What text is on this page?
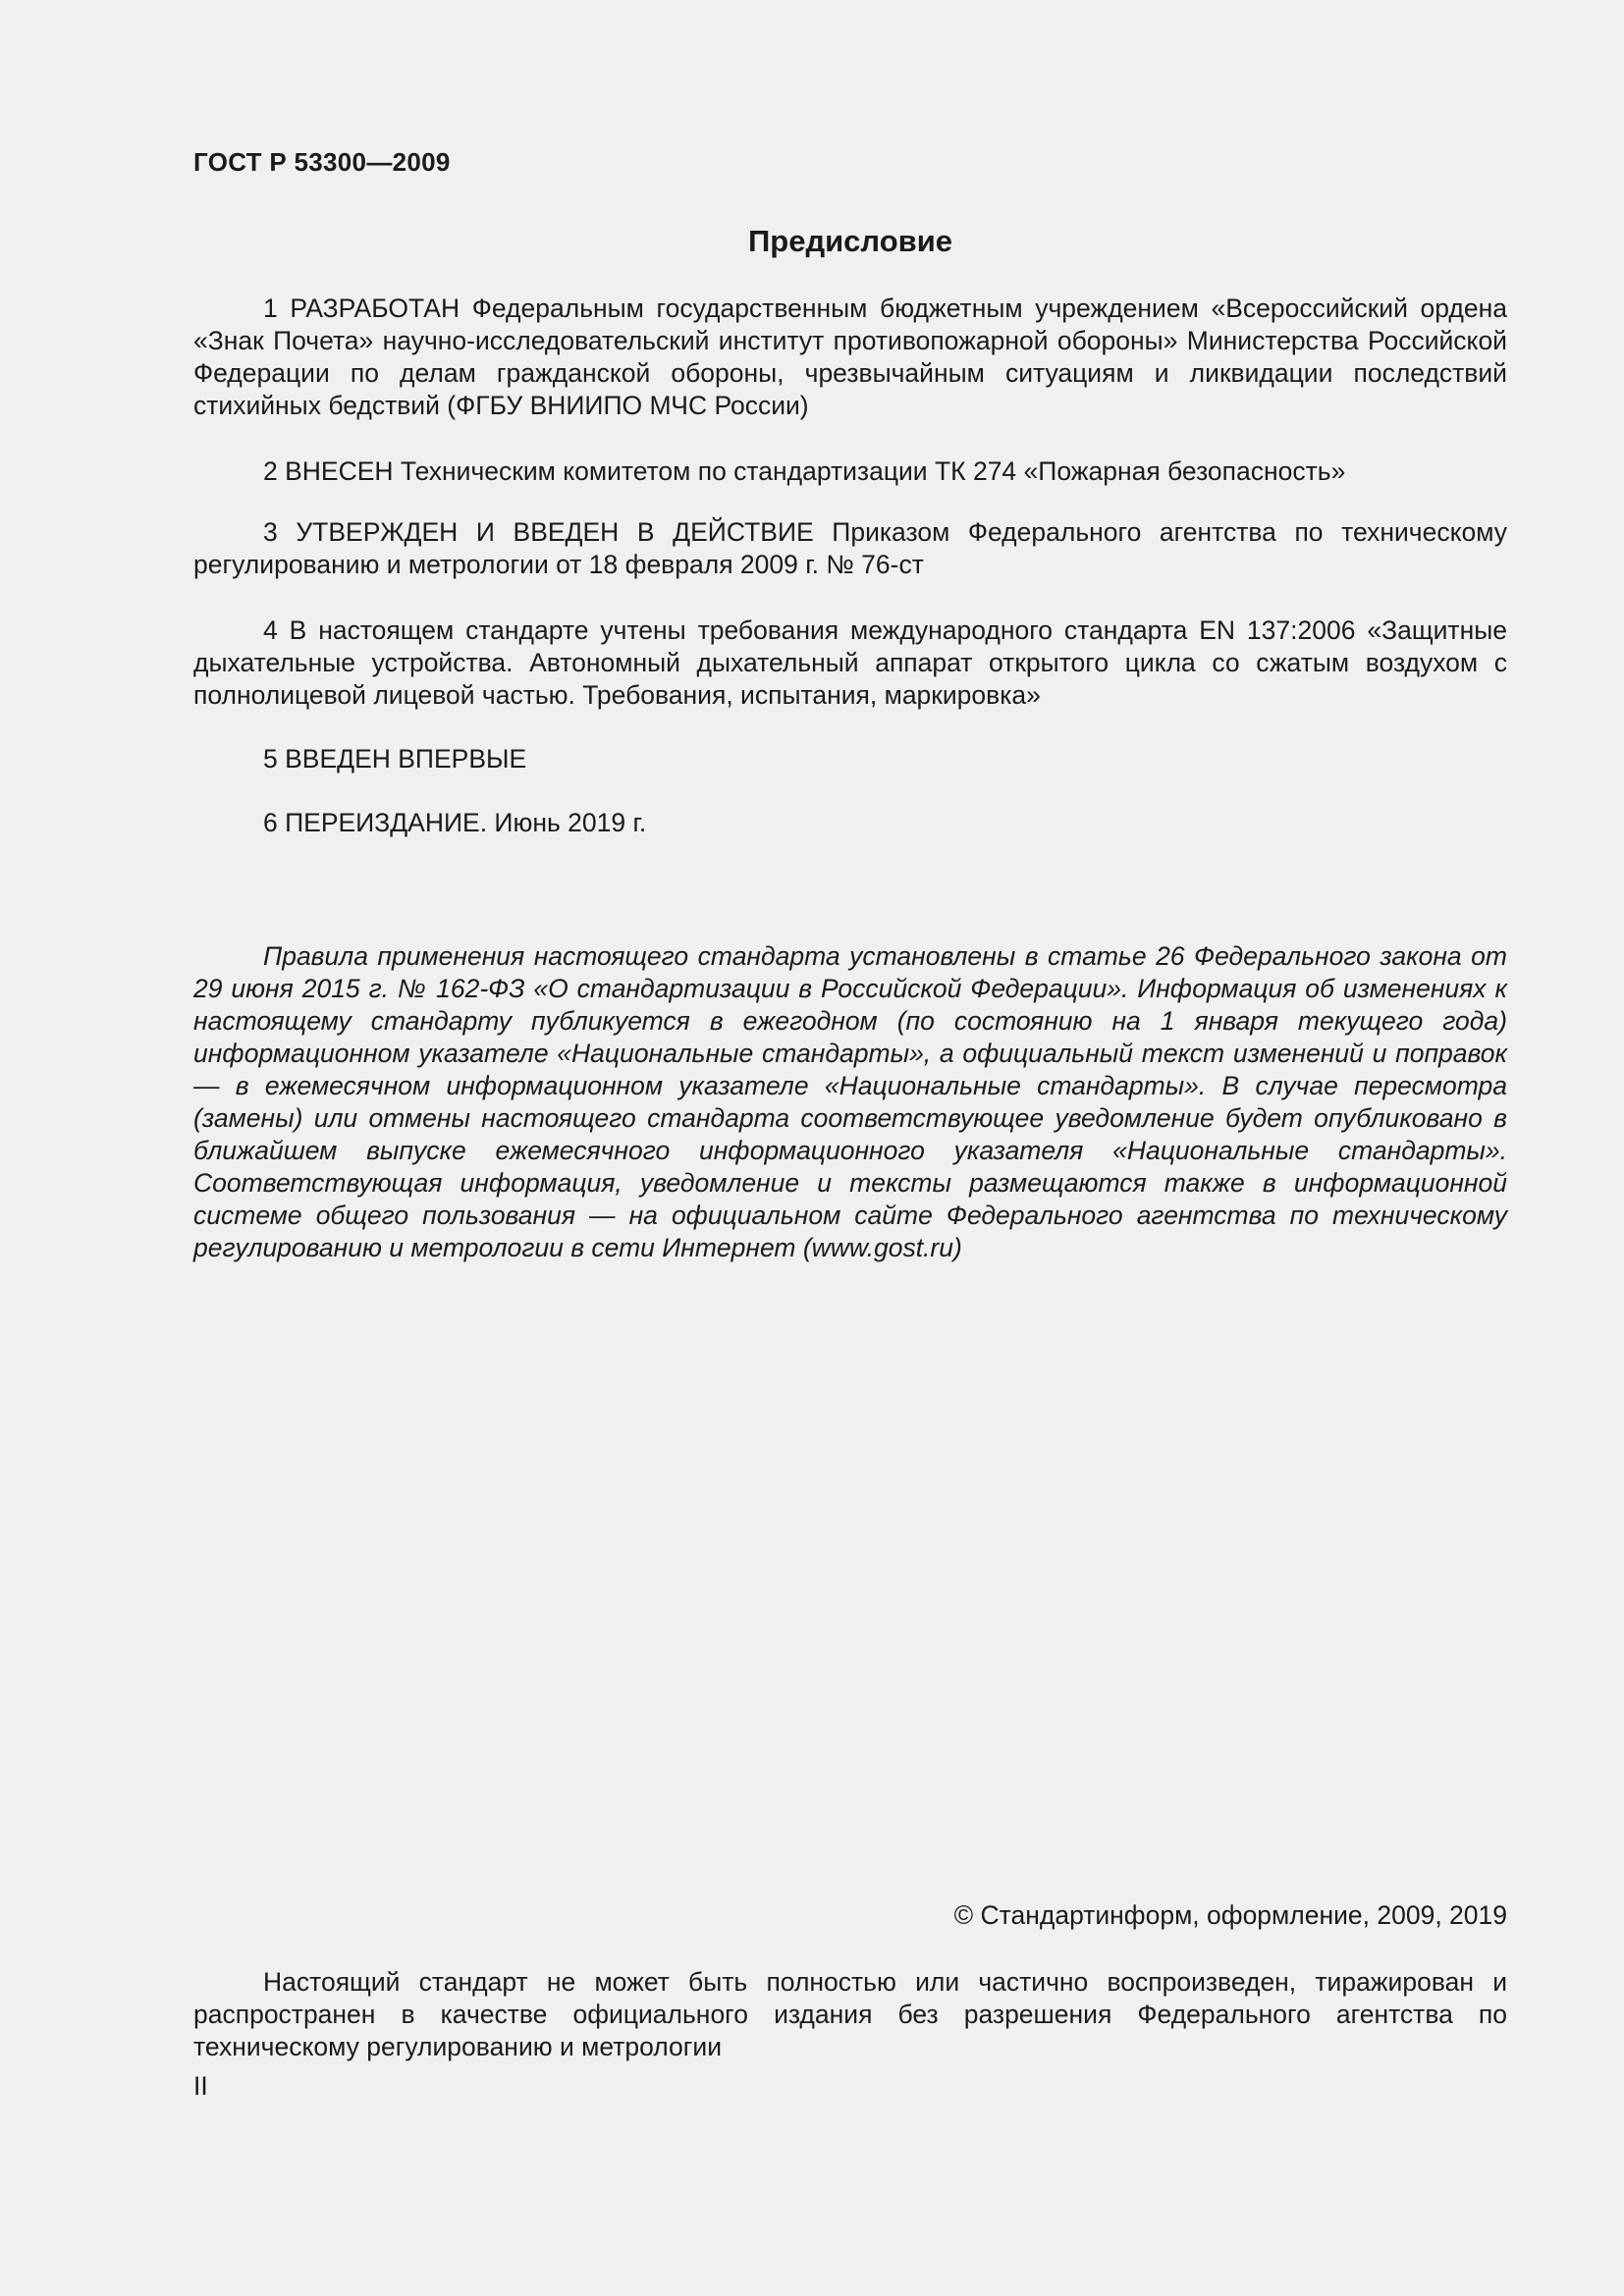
ГОСТ Р 53300—2009
Предисловие

1 РАЗРАБОТАН Федеральным государственным бюджетным учреждением «Всероссийский ордена «Знак Почета» научно-исследовательский институт противопожарной обороны» Министерства Российской Федерации по делам гражданской обороны, чрезвычайным ситуациям и ликвидации последствий стихийных бедствий (ФГБУ ВНИИПО МЧС России)

2 ВНЕСЕН Техническим комитетом по стандартизации ТК 274 «Пожарная безопасность»

3 УТВЕРЖДЕН И ВВЕДЕН В ДЕЙСТВИЕ Приказом Федерального агентства по техническому регулированию и метрологии от 18 февраля 2009 г. № 76-ст

4 В настоящем стандарте учтены требования международного стандарта EN 137:2006 «Защитные дыхательные устройства. Автономный дыхательный аппарат открытого цикла со сжатым воздухом с полнолицевой лицевой частью. Требования, испытания, маркировка»

5 ВВЕДЕН ВПЕРВЫЕ

6 ПЕРЕИЗДАНИЕ. Июнь 2019 г.

Правила применения настоящего стандарта установлены в статье 26 Федерального закона от 29 июня 2015 г. № 162-ФЗ «О стандартизации в Российской Федерации». Информация об изменениях к настоящему стандарту публикуется в ежегодном (по состоянию на 1 января текущего года) информационном указателе «Национальные стандарты», а официальный текст изменений и поправок — в ежемесячном информационном указателе «Национальные стандарты». В случае пересмотра (замены) или отмены настоящего стандарта соответствующее уведомление будет опубликовано в ближайшем выпуске ежемесячного информационного указателя «Национальные стандарты». Соответствующая информация, уведомление и тексты размещаются также в информационной системе общего пользования — на официальном сайте Федерального агентства по техническому регулированию и метрологии в сети Интернет (www.gost.ru)
© Стандартинформ, оформление, 2009, 2019
Настоящий стандарт не может быть полностью или частично воспроизведен, тиражирован и распространен в качестве официального издания без разрешения Федерального агентства по техническому регулированию и метрологии
II
